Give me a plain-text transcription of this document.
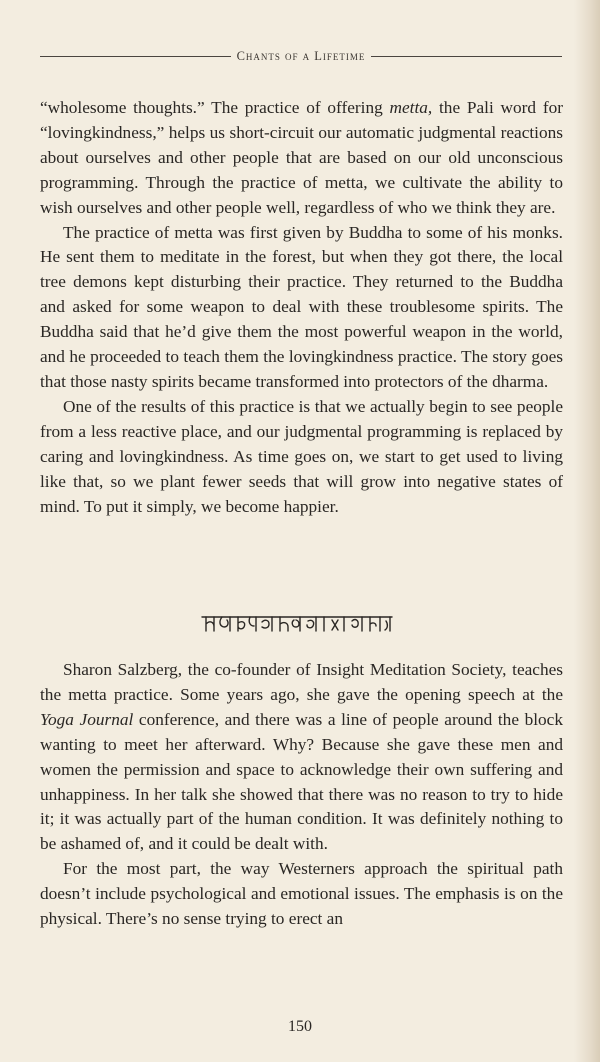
Chants of a Lifetime

“wholesome thoughts.” The practice of offering metta, the Pali word for “lovingkindness,” helps us short-circuit our automatic judgmental reactions about ourselves and other people that are based on our old unconscious programming. Through the practice of metta, we cultivate the ability to wish ourselves and other people well, regardless of who we think they are.

The practice of metta was first given by Buddha to some of his monks. He sent them to meditate in the forest, but when they got there, the local tree demons kept disturbing their practice. They returned to the Buddha and asked for some weapon to deal with these troublesome spirits. The Buddha said that he’d give them the most powerful weapon in the world, and he proceeded to teach them the lovingkindness practice. The story goes that those nasty spirits became transformed into protectors of the dharma.

One of the results of this practice is that we actually begin to see people from a less reactive place, and our judgmental programming is replaced by caring and lovingkindness. As time goes on, we start to get used to living like that, so we plant fewer seeds that will grow into negative states of mind. To put it simply, we become happier.

Sharon Salzberg, the co-founder of Insight Meditation Society, teaches the metta practice. Some years ago, she gave the opening speech at the Yoga Journal conference, and there was a line of people around the block wanting to meet her afterward. Why? Because she gave these men and women the permission and space to acknowledge their own suffering and unhappiness. In her talk she showed that there was no reason to try to hide it; it was actually part of the human condition. It was definitely nothing to be ashamed of, and it could be dealt with.

For the most part, the way Westerners approach the spiritual path doesn’t include psychological and emotional issues. The emphasis is on the physical. There’s no sense trying to erect an

150
